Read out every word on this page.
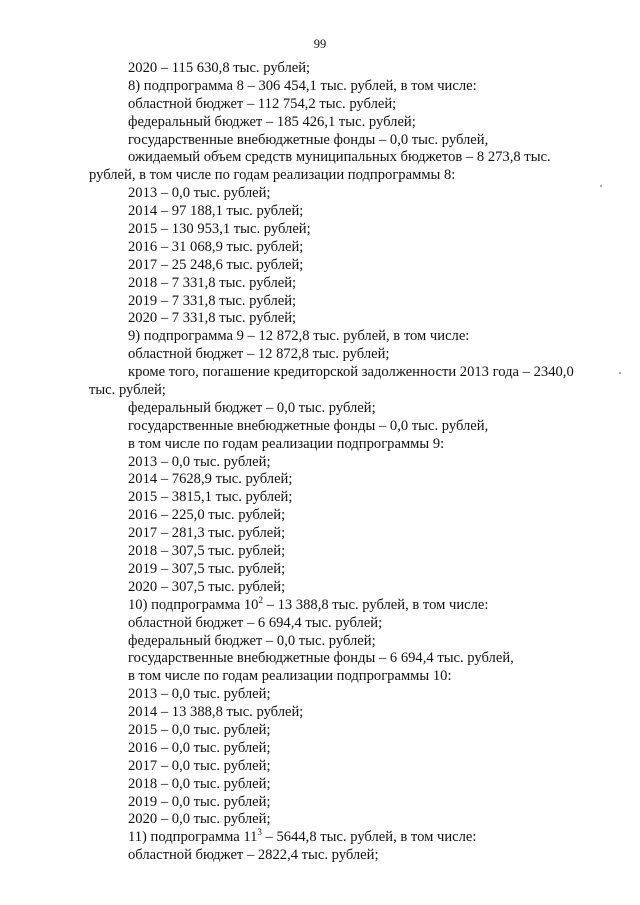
99
2020 – 115 630,8 тыс. рублей;
8) подпрограмма 8 – 306 454,1 тыс. рублей, в том числе:
областной бюджет – 112 754,2 тыс. рублей;
федеральный бюджет – 185 426,1 тыс. рублей;
государственные внебюджетные фонды – 0,0 тыс. рублей,
ожидаемый объем средств муниципальных бюджетов – 8 273,8 тыс.
рублей, в том числе по годам реализации подпрограммы 8:
2013 – 0,0 тыс. рублей;
2014 – 97 188,1 тыс. рублей;
2015 – 130 953,1 тыс. рублей;
2016 – 31 068,9 тыс. рублей;
2017 – 25 248,6 тыс. рублей;
2018 – 7 331,8 тыс. рублей;
2019 – 7 331,8 тыс. рублей;
2020 – 7 331,8 тыс. рублей;
9) подпрограмма 9 – 12 872,8 тыс. рублей, в том числе:
областной бюджет – 12 872,8 тыс. рублей;
кроме того, погашение кредиторской задолженности 2013 года – 2340,0
тыс. рублей;
федеральный бюджет – 0,0 тыс. рублей;
государственные внебюджетные фонды – 0,0 тыс. рублей,
в том числе по годам реализации подпрограммы 9:
2013 – 0,0 тыс. рублей;
2014 – 7628,9 тыс. рублей;
2015 – 3815,1 тыс. рублей;
2016 – 225,0 тыс. рублей;
2017 – 281,3 тыс. рублей;
2018 – 307,5 тыс. рублей;
2019 – 307,5 тыс. рублей;
2020 – 307,5 тыс. рублей;
10) подпрограмма $10^2 - 13$ 388,8 тыс. рублей, в том числе:
областной бюджет – 6 694,4 тыс. рублей;
федеральный бюджет – 0,0 тыс. рублей;
государственные внебюджетные фонды – 6 694,4 тыс. рублей,
в том числе по годам реализации подпрограммы 10:
2013 – 0,0 тыс. рублей;
2014 – 13 388,8 тыс. рублей;
2015 – 0,0 тыс. рублей;
2016 – 0,0 тыс. рублей;
2017 – 0,0 тыс. рублей;
2018 – 0,0 тыс. рублей;
2019 – 0,0 тыс. рублей;
2020 – 0,0 тыс. рублей;
11) подпрограмма $11^3 - 5644,8$ тыс. рублей, в том числе:
областной бюджет – 2822,4 тыс. рублей;
